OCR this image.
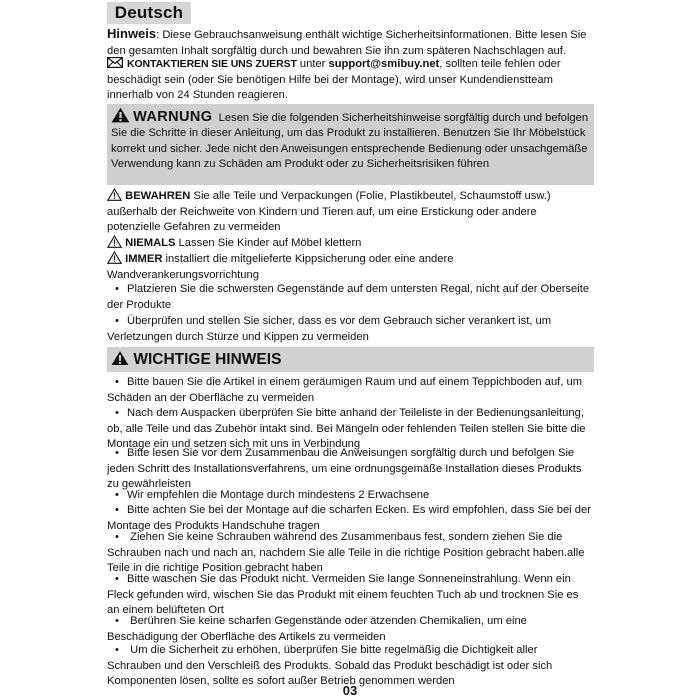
Deutsch
Hinweis: Diese Gebrauchsanweisung enthält wichtige Sicherheitsinformationen. Bitte lesen Sie den gesamten Inhalt sorgfältig durch und bewahren Sie ihn zum späteren Nachschlagen auf.
KONTAKTIEREN SIE UNS ZUERST unter support@smibuy.net, sollten teile fehlen oder beschädigt sein (oder Sie benötigen Hilfe bei der Montage), wird unser Kundendienstteam innerhalb von 24 Stunden reagieren.
WARNUNG Lesen Sie die folgenden Sicherheitshinweise sorgfältig durch und befolgen Sie die Schritte in dieser Anleitung, um das Produkt zu installieren. Benutzen Sie Ihr Möbelstück korrekt und sicher. Jede nicht den Anweisungen entsprechende Bedienung oder unsachgemäße Verwendung kann zu Schäden am Produkt oder zu Sicherheitsrisiken führen
BEWAHREN Sie alle Teile und Verpackungen (Folie, Plastikbeutel, Schaumstoff usw.) außerhalb der Reichweite von Kindern und Tieren auf, um eine Erstickung oder andere potenzielle Gefahren zu vermeiden
NIEMALS Lassen Sie Kinder auf Möbel klettern
IMMER installiert die mitgelieferte Kippsicherung oder eine andere Wandverankerungsvorrichtung
• Platzieren Sie die schwersten Gegenstände auf dem untersten Regal, nicht auf der Oberseite der Produkte
• Überprüfen und stellen Sie sicher, dass es vor dem Gebrauch sicher verankert ist, um Verletzungen durch Stürze und Kippen zu vermeiden
WICHTIGE HINWEIS
• Bitte bauen Sie die Artikel in einem geräumigen Raum und auf einem Teppichboden auf, um Schäden an der Oberfläche zu vermeiden
• Nach dem Auspacken überprüfen Sie bitte anhand der Teileliste in der Bedienungsanleitung, ob, alle Teile und das Zubehör intakt sind. Bei Mängeln oder fehlenden Teilen stellen Sie bitte die Montage ein und setzen sich mit uns in Verbindung
• Bitte lesen Sie vor dem Zusammenbau die Anweisungen sorgfältig durch und befolgen Sie jeden Schritt des Installationsverfahrens, um eine ordnungsgemäße Installation dieses Produkts zu gewährleisten
• Wir empfehlen die Montage durch mindestens 2 Erwachsene
• Bitte achten Sie bei der Montage auf die scharfen Ecken. Es wird empfohlen, dass Sie bei der Montage des Produkts Handschuhe tragen
• Ziehen Sie keine Schrauben während des Zusammenbaus fest, sondern ziehen Sie die Schrauben nach und nach an, nachdem Sie alle Teile in die richtige Position gebracht haben.alle Teile in die richtige Position gebracht haben
• Bitte waschen Sie das Produkt nicht. Vermeiden Sie lange Sonneneinstrahlung. Wenn ein Fleck gefunden wird, wischen Sie das Produkt mit einem feuchten Tuch ab und trocknen Sie es an einem belüfteten Ort
• Berühren Sie keine scharfen Gegenstände oder ätzenden Chemikalien, um eine Beschädigung der Oberfläche des Artikels zu vermeiden
• Um die Sicherheit zu erhöhen, überprüfen Sie bitte regelmäßig die Dichtigkeit aller Schrauben und den Verschleiß des Produkts. Sobald das Produkt beschädigt ist oder sich Komponenten lösen, sollte es sofort außer Betrieb genommen werden
03
